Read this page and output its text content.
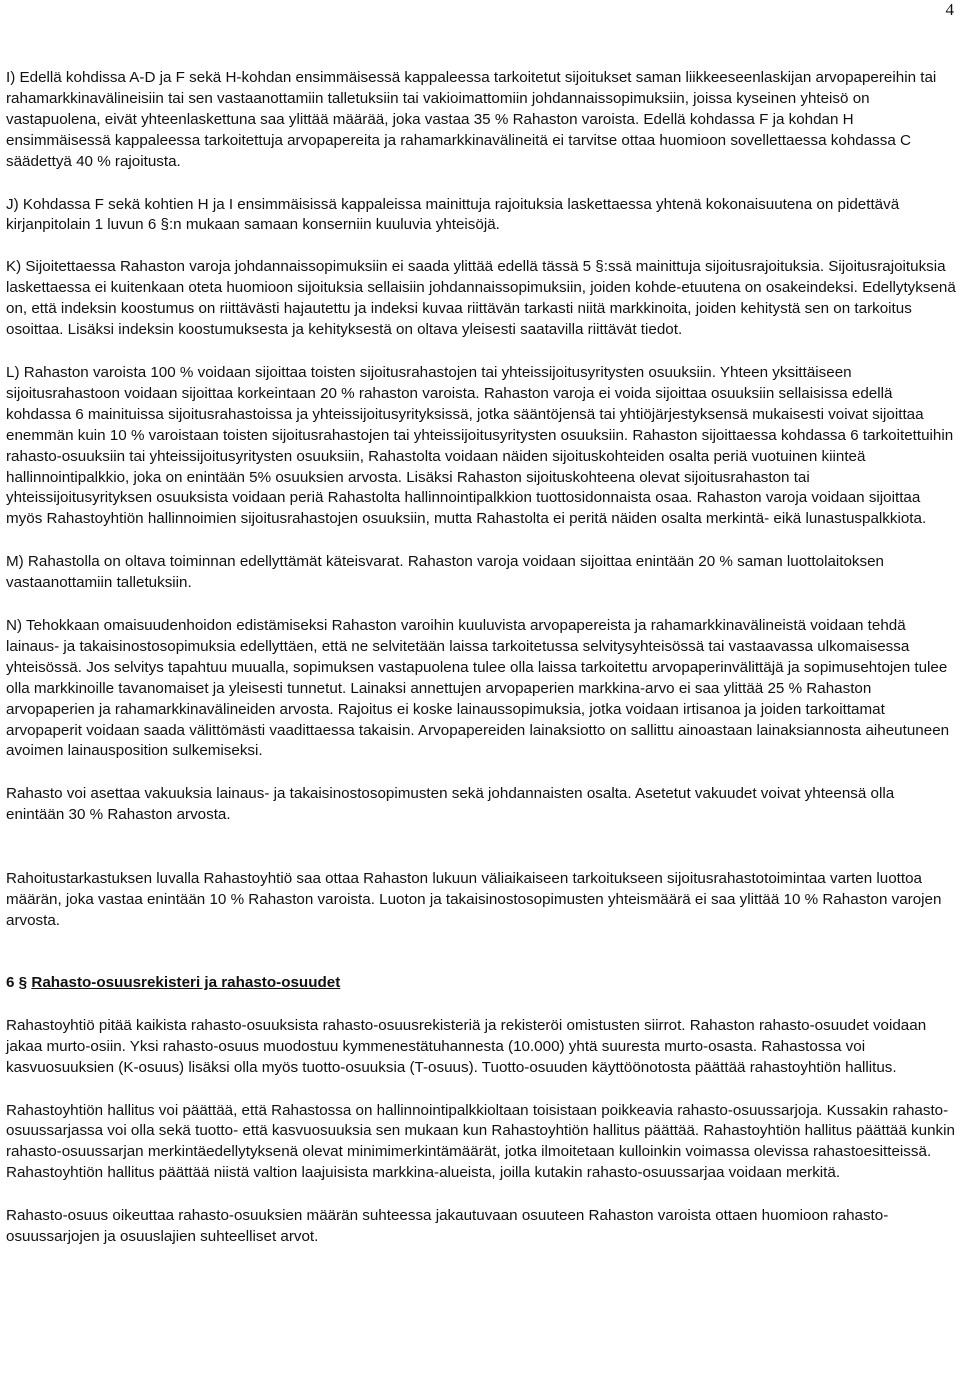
4

I) Edellä kohdissa A-D ja F sekä H-kohdan ensimmäisessä kappaleessa tarkoitetut sijoitukset saman liikkeeseenlaskijan arvopapereihin tai rahamarkkinavälineisiin tai sen vastaanottamiin talletuksiin tai vakioimattomiin johdannaissopimuksiin, joissa kyseinen yhteisö on vastapuolena, eivät yhteenlaskettuna saa ylittää määrää, joka vastaa 35 % Rahaston varoista. Edellä kohdassa F ja kohdan H ensimmäisessä kappaleessa tarkoitettuja arvopapereita ja rahamarkkinavälineitä ei tarvitse ottaa huomioon sovellettaessa kohdassa C säädettyä 40 % rajoitusta.

J) Kohdassa F sekä kohtien H ja I ensimmäisissä kappaleissa mainittuja rajoituksia laskettaessa yhtenä kokonaisuutena on pidettävä kirjanpitolain 1 luvun 6 §:n mukaan samaan konserniin kuuluvia yhteisöjä.

K) Sijoitettaessa Rahaston varoja johdannaissopimuksiin ei saada ylittää edellä tässä 5 §:ssä mainittuja sijoitusrajoituksia. Sijoitusrajoituksia laskettaessa ei kuitenkaan oteta huomioon sijoituksia sellaisiin johdannaissopimuksiin, joiden kohde-etuutena on osakeindeksi. Edellytyksenä on, että indeksin koostumus on riittävästi hajautettu ja indeksi kuvaa riittävän tarkasti niitä markkinoita, joiden kehitystä sen on tarkoitus osoittaa. Lisäksi indeksin koostumuksesta ja kehityksestä on oltava yleisesti saatavilla riittävät tiedot.

L) Rahaston varoista 100 % voidaan sijoittaa toisten sijoitusrahastojen tai yhteissijoitusyritysten osuuksiin. Yhteen yksittäiseen sijoitusrahastoon voidaan sijoittaa korkeintaan 20 % rahaston varoista. Rahaston varoja ei voida sijoittaa osuuksiin sellaisissa edellä kohdassa 6 mainituissa sijoitusrahastoissa ja yhteissijoitusyrityksissä, jotka sääntöjensä tai yhtiöjärjestyksensä mukaisesti voivat sijoittaa enemmän kuin 10 % varoistaan toisten sijoitusrahastojen tai yhteissijoitusyritysten osuuksiin. Rahaston sijoittaessa kohdassa 6 tarkoitettuihin rahasto-osuuksiin tai yhteissijoitusyritysten osuuksiin, Rahastolta voidaan näiden sijoituskohteiden osalta periä vuotuinen kiinteä hallinnointipalkkio, joka on enintään 5% osuuksien arvosta. Lisäksi Rahaston sijoituskohteena olevat sijoitusrahaston tai yhteissijoitusyrityksen osuuksista voidaan periä Rahastolta hallinnointipalkkion tuottosidonnaista osaa. Rahaston varoja voidaan sijoittaa myös Rahastoyhtiön hallinnoimien sijoitusrahastojen osuuksiin, mutta Rahastolta ei peritä näiden osalta merkintä- eikä lunastuspalkkiota.

M) Rahastolla on oltava toiminnan edellyttämät käteisvarat. Rahaston varoja voidaan sijoittaa enintään 20 % saman luottolaitoksen vastaanottamiin talletuksiin.

N) Tehokkaan omaisuudenhoidon edistämiseksi Rahaston varoihin kuuluvista arvopapereista ja rahamarkkinavälineistä voidaan tehdä lainaus- ja takaisinostosopimuksia edellyttäen, että ne selvitetään laissa tarkoitetussa selvitysyhteisössä tai vastaavassa ulkomaisessa yhteisössä. Jos selvitys tapahtuu muualla, sopimuksen vastapuolena tulee olla laissa tarkoitettu arvopaperinvälittäjä ja sopimusehtojen tulee olla markkinoille tavanomaiset ja yleisesti tunnetut. Lainaksi annettujen arvopaperien markkina-arvo ei saa ylittää 25 % Rahaston arvopaperien ja rahamarkkinavälineiden arvosta. Rajoitus ei koske lainaussopimuksia, jotka voidaan irtisanoa ja joiden tarkoittamat arvopaperit voidaan saada välittömästi vaadittaessa takaisin. Arvopapereiden lainaksiotto on sallittu ainoastaan lainaksiannosta aiheutuneen avoimen lainausposition sulkemiseksi.

Rahasto voi asettaa vakuuksia lainaus- ja takaisinostosopimusten sekä johdannaisten osalta. Asetetut vakuudet voivat yhteensä olla enintään 30 % Rahaston arvosta.

Rahoitustarkastuksen luvalla Rahastoyhtiö saa ottaa Rahaston lukuun väliaikaiseen tarkoitukseen sijoitusrahastotoimintaa varten luottoa määrän, joka vastaa enintään 10 % Rahaston varoista. Luoton ja takaisinostosopimusten yhteismäärä ei saa ylittää 10 % Rahaston varojen arvosta.

6 § Rahasto-osuusrekisteri ja rahasto-osuudet

Rahastoyhtiö pitää kaikista rahasto-osuuksista rahasto-osuusrekisteriä ja rekisteröi omistusten siirrot. Rahaston rahasto-osuudet voidaan jakaa murto-osiin. Yksi rahasto-osuus muodostuu kymmenestätuhannesta (10.000) yhtä suuresta murto-osasta. Rahastossa voi kasvuosuuksien (K-osuus) lisäksi olla myös tuotto-osuuksia (T-osuus). Tuotto-osuuden käyttöönotosta päättää rahastoyhtiön hallitus.

Rahastoyhtiön hallitus voi päättää, että Rahastossa on hallinnointipalkkioltaan toisistaan poikkeavia rahasto-osuussarjoja. Kussakin rahasto-osuussarjassa voi olla sekä tuotto- että kasvuosuuksia sen mukaan kun Rahastoyhtiön hallitus päättää. Rahastoyhtiön hallitus päättää kunkin rahasto-osuussarjan merkintäedellytyksenä olevat minimimerkintämäärät, jotka ilmoitetaan kulloinkin voimassa olevissa rahastoesitteissä. Rahastoyhtiön hallitus päättää niistä valtion laajuisista markkina-alueista, joilla kutakin rahasto-osuussarjaa voidaan merkitä.

Rahasto-osuus oikeuttaa rahasto-osuuksien määrän suhteessa jakautuvaan osuuteen Rahaston varoista ottaen huomioon rahasto-osuussarjojen ja osuuslajien suhteelliset arvot.
